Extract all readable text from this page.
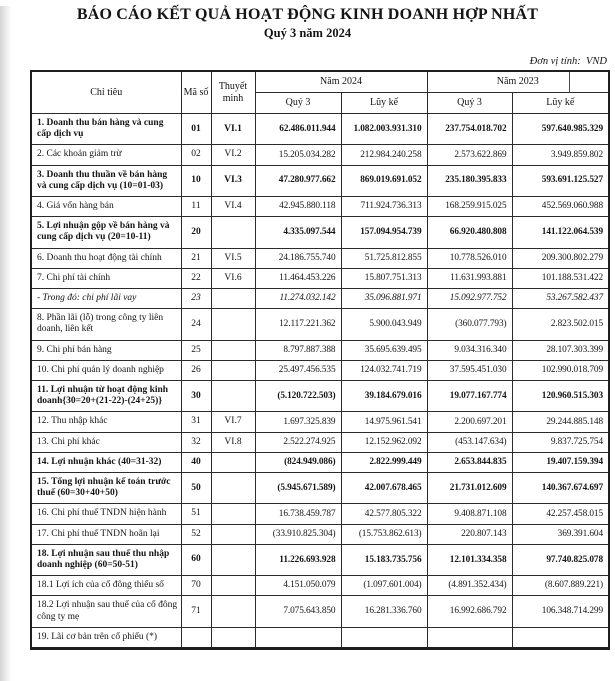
BÁO CÁO KẾT QUẢ HOẠT ĐỘNG KINH DOANH HỢP NHẤT
Quý 3 năm 2024
Đơn vị tính:  VND
Chỉ tiêu	Mã số	Thuyết minh	Năm 2024		Năm 2023	

			Quý 3	Lũy kế	Quý 3	Lũy kế
1. Doanh thu bán hàng và cung cấp dịch vụ	01	VI.1	62.486.011.944	1.082.003.931.310	237.754.018.702	597.640.985.329
2. Các khoản giảm trừ	02	VI.2	15.205.034.282	212.984.240.258	2.573.622.869	3.949.859.802
3. Doanh thu thuần về bán hàng và cung cấp dịch vụ (10=01-03)	10	VI.3	47.280.977.662	869.019.691.052	235.180.395.833	593.691.125.527
4. Giá vốn hàng bán	11	VI.4	42.945.880.118	711.924.736.313	168.259.915.025	452.569.060.988
5. Lợi nhuận gộp về bán hàng và cung cấp dịch vụ (20=10-11)	20		4.335.097.544	157.094.954.739	66.920.480.808	141.122.064.539
6. Doanh thu hoạt động tài chính	21	VI.5	24.186.755.740	51.725.812.855	10.778.526.010	209.300.802.279
7. Chi phí tài chính	22	VI.6	11.464.453.226	15.807.751.313	11.631.993.881	101.188.531.422
- Trong đó: chi phí lãi vay	23		11.274.032.142	35.096.881.971	15.092.977.752	53.267.582.437
8. Phần lãi (lỗ) trong công ty liên doanh, liên kết	24		12.117.221.362	5.900.043.949	(360.077.793)	2.823.502.015
9. Chi phí bán hàng	25		8.797.887.388	35.695.639.495	9.034.316.340	28.107.303.399
10. Chi phí quản lý doanh nghiệp	26		25.497.456.535	124.032.741.719	37.595.451.030	102.990.018.709
11. Lợi nhuận từ hoạt động kinh doanh{30=20+(21-22)-(24+25)}	30		(5.120.722.503)	39.184.679.016	19.077.167.774	120.960.515.303
12. Thu nhập khác	31	VI.7	1.697.325.839	14.975.961.541	2.200.697.201	29.244.885.148
13. Chi phí khác	32	VI.8	2.522.274.925	12.152.962.092	(453.147.634)	9.837.725.754
14. Lợi nhuận khác (40=31-32)	40		(824.949.086)	2.822.999.449	2.653.844.835	19.407.159.394
15. Tổng lợi nhuận kế toán trước thuế (60=30+40+50)	50		(5.945.671.589)	42.007.678.465	21.731.012.609	140.367.674.697
16. Chi phí thuế TNDN hiện hành	51		16.738.459.787	42.577.805.322	9.408.871.108	42.257.458.015
17. Chi phí thuế TNDN hoãn lại	52		(33.910.825.304)	(15.753.862.613)	220.807.143	369.391.604
18. Lợi nhuận sau thuế thu nhập doanh nghiệp (60=50-51)	60		11.226.693.928	15.183.735.756	12.101.334.358	97.740.825.078
18.1 Lợi ích của cổ đông thiểu số	70		4.151.050.079	(1.097.601.004)	(4.891.352.434)	(8.607.889.221)
18.2 Lợi nhuận sau thuế của cổ đông công ty mẹ	71		7.075.643.850	16.281.336.760	16.992.686.792	106.348.714.299
19. Lãi cơ bản trên cổ phiếu (*)						
